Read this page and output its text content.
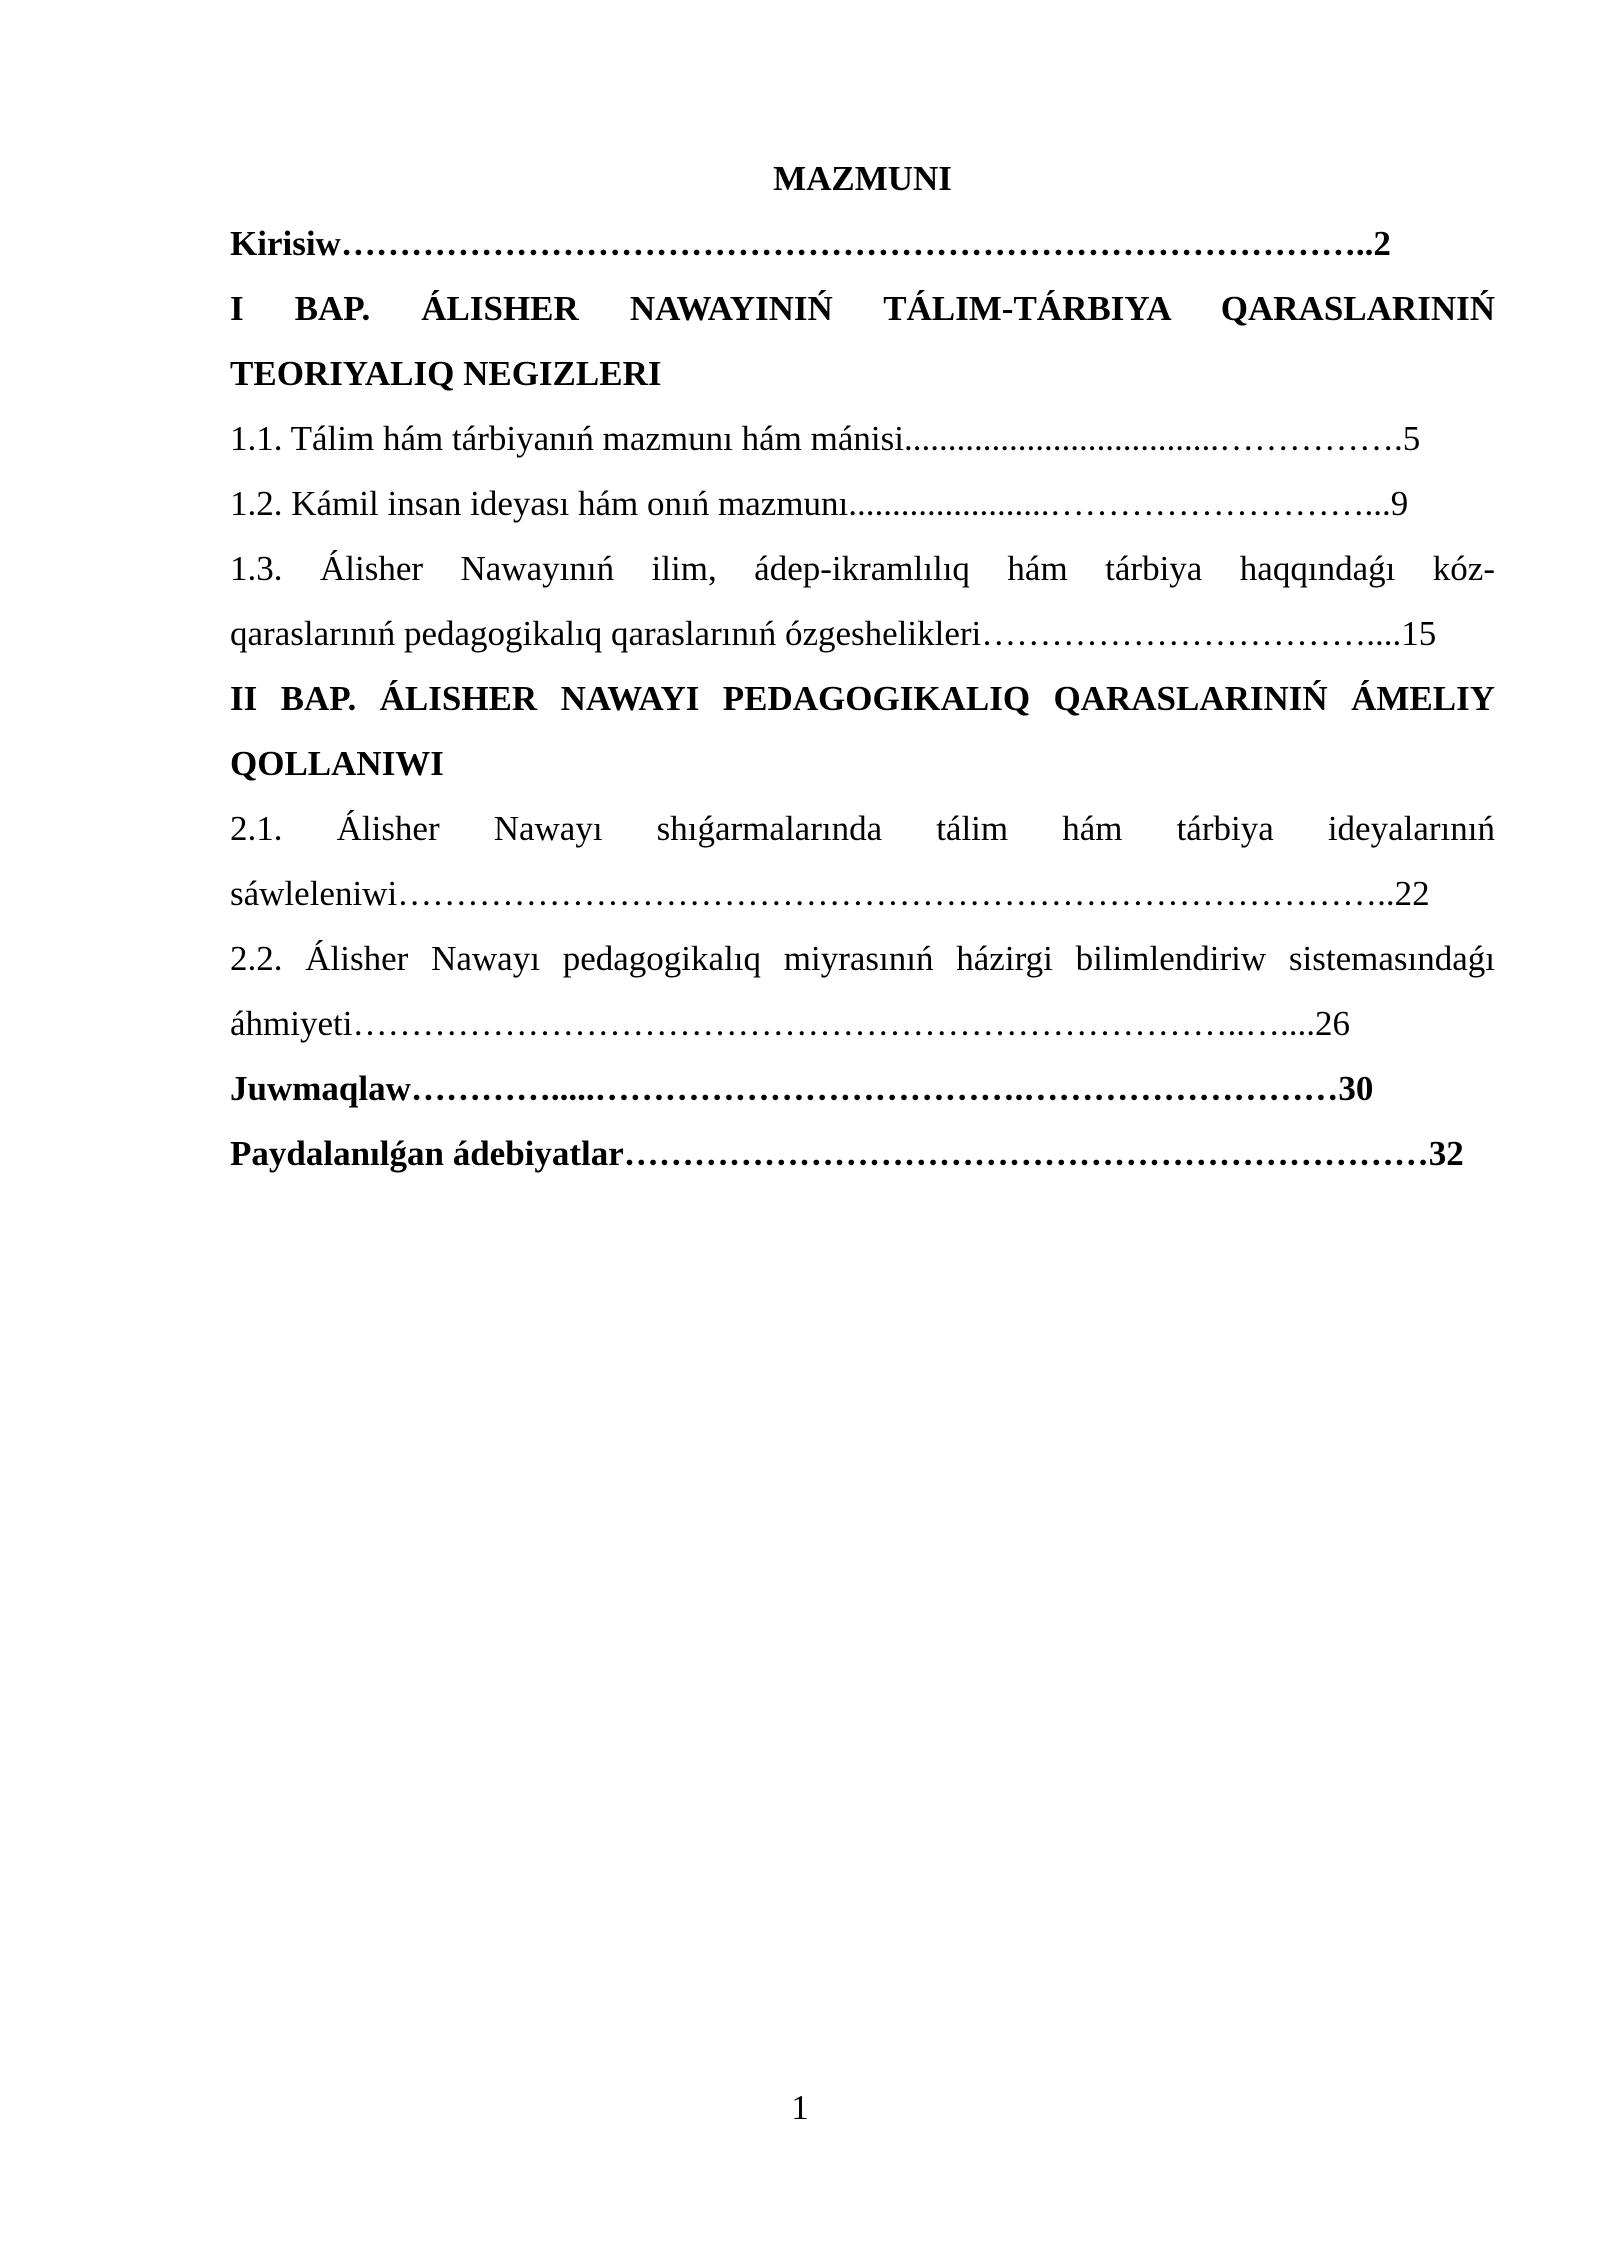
MAZMUNI
Kirisiw……………………………………………………………………………..2
I BAP. ÁLISHER NAWAYINIŃ TÁLIM-TÁRBIYA QARASLARINIŃ
TEORIYALIQ NEGIZLERI
1.1. Tálim hám tárbiyanıń mazmunı hám mánisi....................................…………….5
1.2. Kámil insan ideyası hám onıń mazmunı.......................………………………...9
1.3. Álisher Nawayınıń ilim, ádep-ikramlılıq hám tárbiya haqqındaǵı kóz-
qaraslarınıń pedagogikalıq qaraslarınıń ózgeshelikleri……………………………....15
II BAP. ÁLISHER NAWAYI PEDAGOGIKALIQ QARASLARINIŃ ÁMELIY
QOLLANIWI
2.1. Álisher Nawayı shıǵarmalarında tálim hám tárbiya ideyalarınıń
sáwleleniwi…………………………………………………………………………..22
2.2. Álisher Nawayı pedagogikalıq miyrasınıń házirgi bilimlendiriw sistemasındaǵı
áhmiyeti…………………………………………………………………..…....26
Juwmaqlaw………….....……………………………….………………………30
Paydalanılǵan ádebiyatlar……………………………………………………………32
1
